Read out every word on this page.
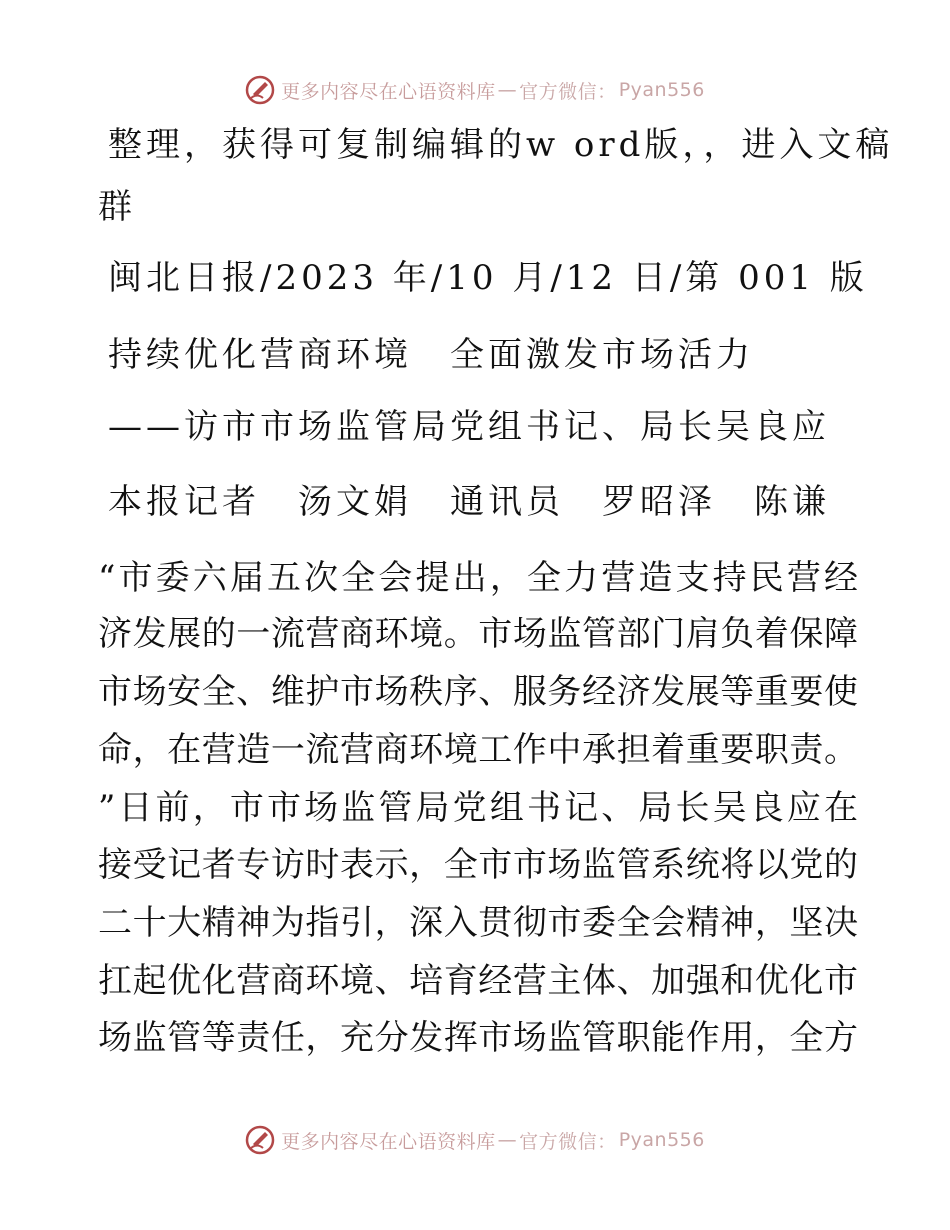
更多内容尽在心语资料库 — 官方微信： Pyan556
整理，获得可复制编辑的w ord版，，进入文稿
群
闽北日报/2023 年/10 月/12 日/第 001 版
持续优化营商环境　全面激发市场活力
——访市市场监管局党组书记、局长吴良应
本报记者　汤文娟　通讯员　罗昭泽　陈谦
“市委六届五次全会提出，全力营造支持民营经
济发展的一流营商环境。市场监管部门肩负着保障
市场安全、维护市场秩序、服务经济发展等重要使
命，在营造一流营商环境工作中承担着重要职责。
”日前，市市场监管局党组书记、局长吴良应在
接受记者专访时表示，全市市场监管系统将以党的
二十大精神为指引，深入贯彻市委全会精神，坚决
扛起优化营商环境、培育经营主体、加强和优化市
场监管等责任，充分发挥市场监管职能作用，全方
更多内容尽在心语资料库 — 官方微信： Pyan556
